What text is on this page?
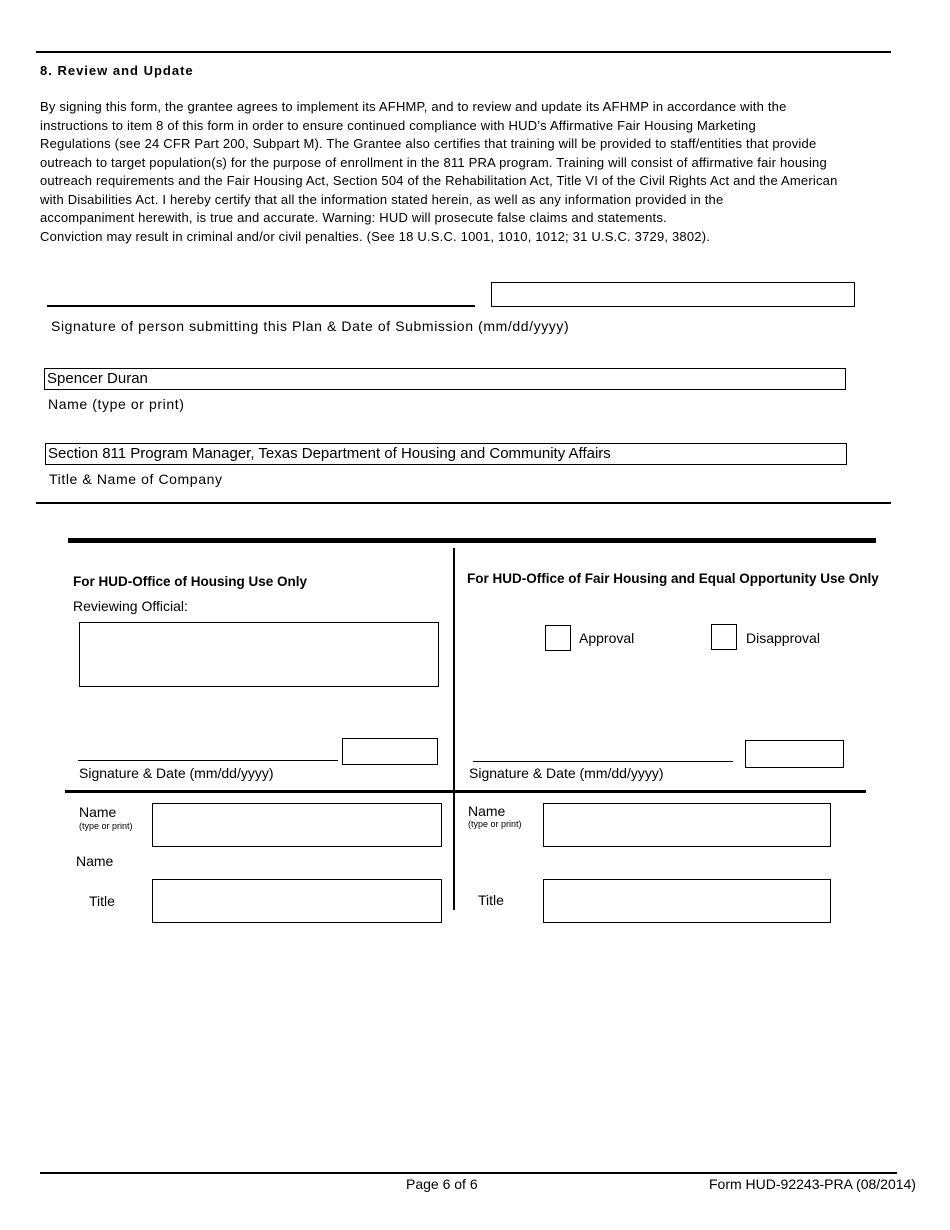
8. Review and Update

By signing this form, the grantee agrees to implement its AFHMP, and to review and update its AFHMP in accordance with the

instructions to item 8 of this form in order to ensure continued compliance with HUD’s Affirmative Fair Housing Marketing

Regulations (see 24 CFR Part 200, Subpart M). The Grantee also certifies that training will be provided to staff/entities that provide

outreach to target population(s) for the purpose of enrollment in the 811 PRA program. Training will consist of affirmative fair housing

outreach requirements and the Fair Housing Act, Section 504 of the Rehabilitation Act, Title VI of the Civil Rights Act and the American

with Disabilities Act. I hereby certify that all the information stated herein, as well as any information provided in the

accompaniment herewith, is true and accurate. Warning: HUD will prosecute false claims and statements.

Conviction may result in criminal and/or civil penalties. (See 18 U.S.C. 1001, 1010, 1012; 31 U.S.C. 3729, 3802).

Signature of person submitting this Plan & Date of Submission (mm/dd/yyyy)
Spencer Duran
Name (type or print)
Section 811 Program Manager, Texas Department of Housing and Community Affairs
Title & Name of Company
For HUD-Office of Housing Use Only
Reviewing Official:
Signature & Date (mm/dd/yyyy)
Name
(type or print)
Name
Title
For HUD-Office of Fair Housing and Equal Opportunity Use Only
Approval	Disapproval
Signature & Date (mm/dd/yyyy)
Name
(type or print)
Title
Page 6 of 6	Form HUD-92243-PRA (08/2014)
